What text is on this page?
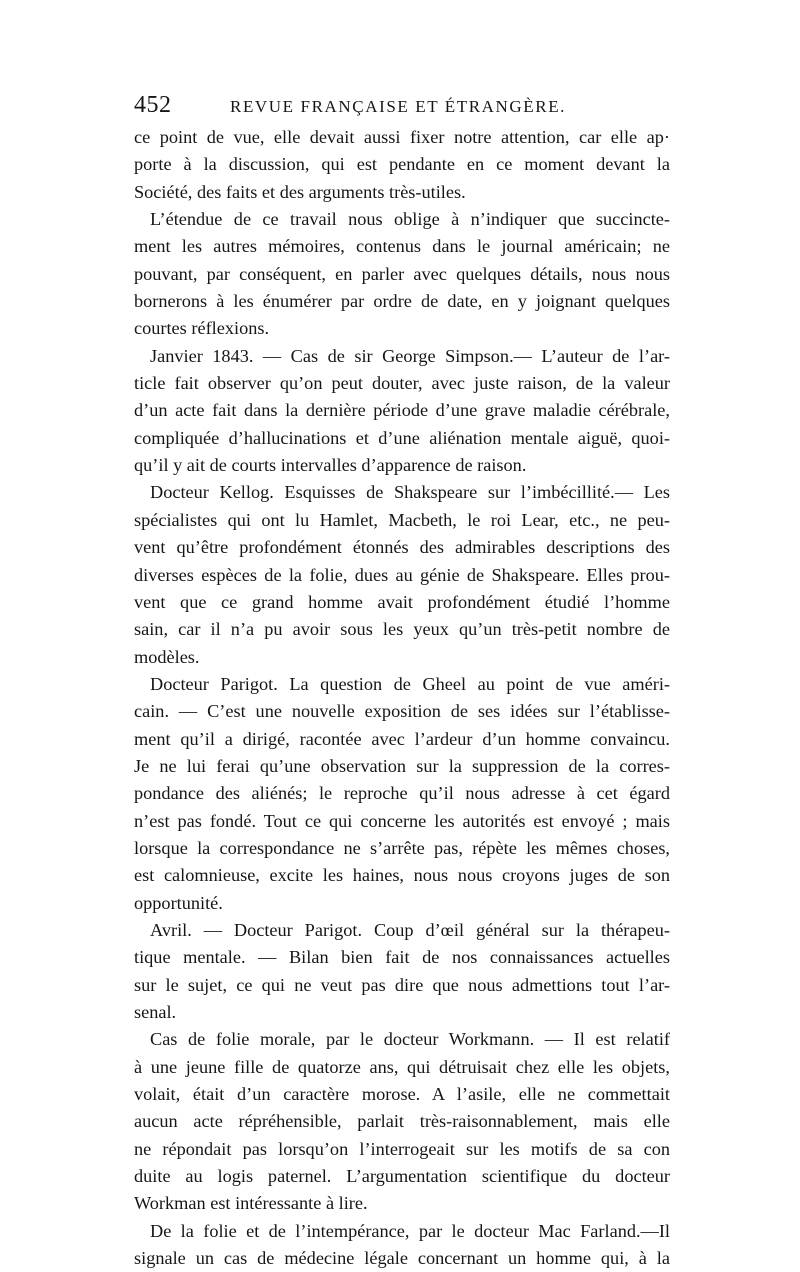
452	REVUE FRANÇAISE ET ÉTRANGÈRE.
ce point de vue, elle devait aussi fixer notre attention, car elle ap·
porte à la discussion, qui est pendante en ce moment devant la
Société, des faits et des arguments très-utiles.
L’étendue de ce travail nous oblige à n’indiquer que succincte-
ment les autres mémoires, contenus dans le journal américain; ne
pouvant, par conséquent, en parler avec quelques détails, nous nous
bornerons à les énumérer par ordre de date, en y joignant quelques
courtes réflexions.
Janvier 1843. — Cas de sir George Simpson.— L’auteur de l’ar-
ticle fait observer qu’on peut douter, avec juste raison, de la valeur
d’un acte fait dans la dernière période d’une grave maladie cérébrale,
compliquée d’hallucinations et d’une aliénation mentale aiguë, quoi-
qu’il y ait de courts intervalles d’apparence de raison.
Docteur Kellog. Esquisses de Shakspeare sur l’imbécillité.— Les
spécialistes qui ont lu Hamlet, Macbeth, le roi Lear, etc., ne peu-
vent qu’être profondément étonnés des admirables descriptions des
diverses espèces de la folie, dues au génie de Shakspeare. Elles prou-
vent que ce grand homme avait profondément étudié l’homme
sain, car il n’a pu avoir sous les yeux qu’un très-petit nombre de
modèles.
Docteur Parigot. La question de Gheel au point de vue améri-
cain. — C’est une nouvelle exposition de ses idées sur l’établisse-
ment qu’il a dirigé, racontée avec l’ardeur d’un homme convaincu.
Je ne lui ferai qu’une observation sur la suppression de la corres-
pondance des aliénés; le reproche qu’il nous adresse à cet égard
n’est pas fondé. Tout ce qui concerne les autorités est envoyé ; mais
lorsque la correspondance ne s’arrête pas, répète les mêmes choses,
est calomnieuse, excite les haines, nous nous croyons juges de son
opportunité.
Avril. — Docteur Parigot. Coup d’œil général sur la thérapeu-
tique mentale. — Bilan bien fait de nos connaissances actuelles
sur le sujet, ce qui ne veut pas dire que nous admettions tout l’ar-
senal.
Cas de folie morale, par le docteur Workmann. — Il est relatif
à une jeune fille de quatorze ans, qui détruisait chez elle les objets,
volait, était d’un caractère morose. A l’asile, elle ne commettait
aucun acte répréhensible, parlait très-raisonnablement, mais elle
ne répondait pas lorsqu’on l’interrogeait sur les motifs de sa con
duite au logis paternel. L’argumentation scientifique du docteur
Workman est intéressante à lire.
De la folie et de l’intempérance, par le docteur Mac Farland.—Il
signale un cas de médecine légale concernant un homme qui, à la
